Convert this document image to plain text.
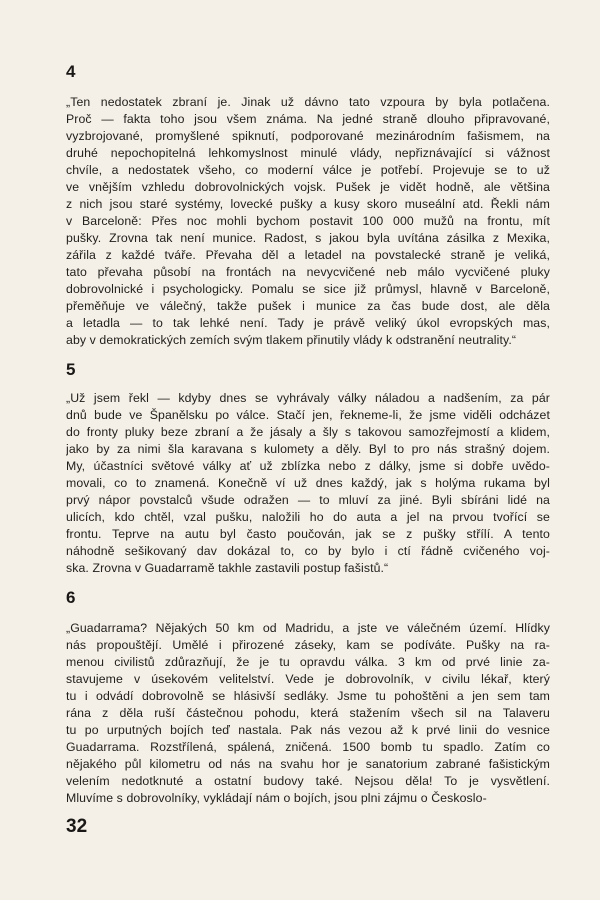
4
„Ten nedostatek zbraní je. Jinak už dávno tato vzpoura by byla potlačena.
Proč — fakta toho jsou všem známa. Na jedné straně dlouho připravované,
vyzbrojované, promyšlené spiknutí, podporované mezinárodním fašismem, na
druhé nepochopitelná lehkomyslnost minulé vlády, nepřiznávající si vážnost
chvíle, a nedostatek všeho, co moderní válce je potřebí. Projevuje se to už
ve vnějším vzhledu dobrovolnických vojsk. Pušek je vidět hodně, ale většina
z nich jsou staré systémy, lovecké pušky a kusy skoro museální atd. Řekli nám
v Barceloně: Přes noc mohli bychom postavit 100 000 mužů na frontu, mít
pušky. Zrovna tak není munice. Radost, s jakou byla uvítána zásilka z Mexika,
zářila z každé tváře. Převaha děl a letadel na povstalecké straně je veliká,
tato převaha působí na frontách na nevycvičené neb málo vycvičené pluky
dobrovolnické i psychologicky. Pomalu se sice již průmysl, hlavně v Barceloně,
přeměňuje ve válečný, takže pušek i munice za čas bude dost, ale děla
a letadla — to tak lehké není. Tady je právě veliký úkol evropských mas,
aby v demokratických zemích svým tlakem přinutily vlády k odstranění neutrality.“
5
„Už jsem řekl — kdyby dnes se vyhrávaly války náladou a nadšením, za pár
dnů bude ve Španělsku po válce. Stačí jen, řekneme-li, že jsme viděli odcházet
do fronty pluky beze zbraní a že jásaly a šly s takovou samozřejmostí a klidem,
jako by za nimi šla karavana s kulomety a děly. Byl to pro nás strašný dojem.
My, účastníci světové války ať už zblízka nebo z dálky, jsme si dobře uvědo-
movali, co to znamená. Konečně ví už dnes každý, jak s holýma rukama byl
prvý nápor povstalců všude odražen — to mluví za jiné. Byli sbíráni lidé na
ulicích, kdo chtěl, vzal pušku, naložili ho do auta a jel na prvou tvořící se
frontu. Teprve na autu byl často poučován, jak se z pušky střílí. A tento
náhodně sešikovaný dav dokázal to, co by bylo i ctí řádně cvičeného voj-
ska. Zrovna v Guadarramě takhle zastavili postup fašistů.“
6
„Guadarrama? Nějakých 50 km od Madridu, a jste ve válečném území. Hlídky
nás propouštějí. Umělé i přirozené záseky, kam se podíváte. Pušky na ra-
menou civilistů zdůrazňují, že je tu opravdu válka. 3 km od prvé linie za-
stavujeme v úsekovém velitelství. Vede je dobrovolník, v civilu lékař, který
tu i odvádí dobrovolně se hlásivší sedláky. Jsme tu pohoštěni a jen sem tam
rána z děla ruší částečnou pohodu, která stažením všech sil na Talaveru
tu po urputných bojích teď nastala. Pak nás vezou až k prvé linii do vesnice
Guadarrama. Rozstřílená, spálená, zničená. 1500 bomb tu spadlo. Zatím co
nějakého půl kilometru od nás na svahu hor je sanatorium zabrané fašistickým
velením nedotknuté a ostatní budovy také. Nejsou děla! To je vysvětlení.
Mluvíme s dobrovolníky, vykládají nám o bojích, jsou plni zájmu o Českoslo-
32
